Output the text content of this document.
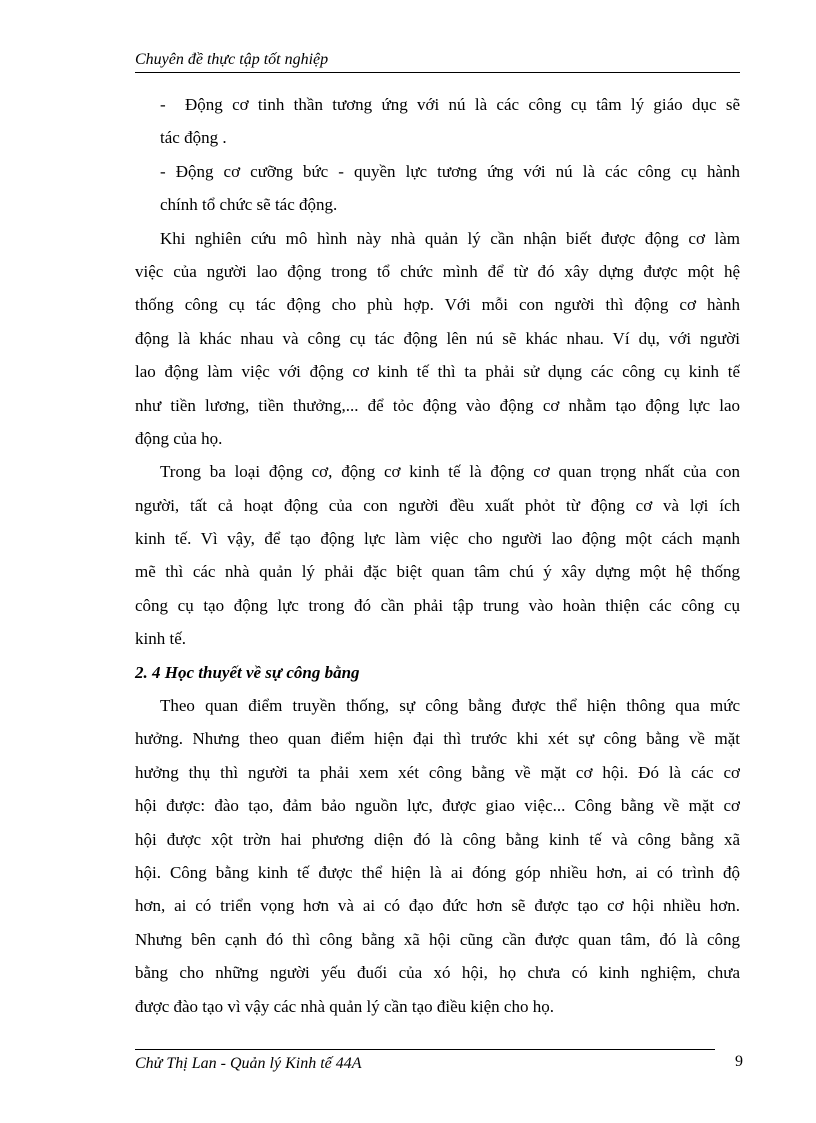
Chuyên đề thực tập tốt nghiệp
-	Động cơ tinh thần tương ứng với nú là các công cụ tâm lý giáo dục sẽ
tác động .
- Động cơ cưỡng bức - quyền lực tương ứng với nú là các công cụ hành
chính tổ chức sẽ tác động.
Khi nghiên cứu mô hình này nhà quản lý cần nhận biết được động cơ làm
việc của người lao động trong tổ chức mình để từ đó xây dựng được một hệ
thống công cụ tác động cho phù hợp. Với mỗi con người thì động cơ hành
động là khác nhau và công cụ tác động lên nú sẽ khác nhau. Ví dụ, với người
lao động làm việc với động cơ kinh tế thì ta phải sử dụng các công cụ kinh tế
như tiền lương, tiền thưởng,... để tỏc động vào động cơ nhằm tạo động lực lao
động của họ.
Trong ba loại động cơ, động cơ kinh tế là động cơ quan trọng nhất của con
người, tất cả hoạt động của con người đều xuất phỏt từ động cơ và lợi ích
kinh tế. Vì vậy, để tạo động lực làm việc cho người lao động một cách mạnh
mẽ thì các nhà quản lý phải đặc biệt quan tâm chú ý xây dựng một hệ thống
công cụ tạo động lực trong đó cần phải tập trung vào hoàn thiện các công cụ
kinh tế.
2. 4 Học thuyết về sự công bằng
Theo quan điểm truyền thống, sự công bằng được thể hiện thông qua mức
hưởng. Nhưng theo quan điểm hiện đại thì trước khi xét sự công bằng về mặt
hưởng thụ thì người ta phải xem xét công bằng về mặt cơ hội. Đó là các cơ
hội được: đào tạo, đảm bảo nguồn lực, được giao việc... Công bằng về mặt cơ
hội được xột trờn hai phương diện đó là công bằng kinh tế và công bằng xã
hội. Công bằng kinh tế được thể hiện là ai đóng góp nhiều hơn, ai có trình độ
hơn, ai có triển vọng hơn và ai có đạo đức hơn sẽ được tạo cơ hội nhiều hơn.
Nhưng bên cạnh đó thì công bằng xã hội cũng cần được quan tâm, đó là công
bằng cho những người yếu đuối của xó hội, họ chưa có kinh nghiệm, chưa
được đào tạo vì vậy các nhà quản lý cần tạo điều kiện cho họ.
Chử Thị Lan - Quản lý Kinh tế 44A	9
